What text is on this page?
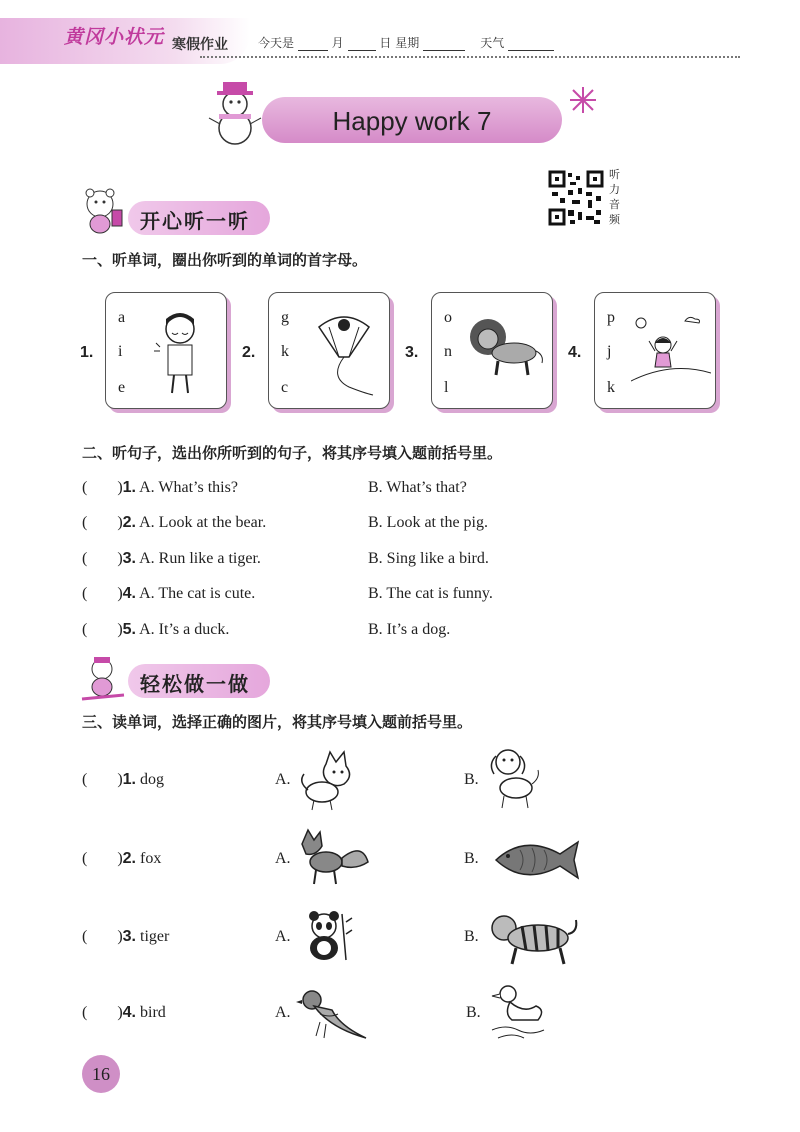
黄冈小状元 寒假作业	今天是	月	日 星期	天气
Happy work 7
听力音频
开心听一听
一、听单词，圈出你听到的单词的首字母。
1.
a
i
e
2.
g
k
c
3.
o
n
l
4.
p
j
k
二、听句子，选出你所听到的句子，将其序号填入题前括号里。
( )1. A. What’s this?	B. What’s that?
( )2. A. Look at the bear.	B. Look at the pig.
( )3. A. Run like a tiger.	B. Sing like a bird.
( )4. A. The cat is cute.	B. The cat is funny.
( )5. A. It’s a duck.	B. It’s a dog.
轻松做一做
三、读单词，选择正确的图片，将其序号填入题前括号里。
( )1. dog	A.	B.
( )2. fox	A.	B.
( )3. tiger	A.	B.
( )4. bird	A.	B.
16
